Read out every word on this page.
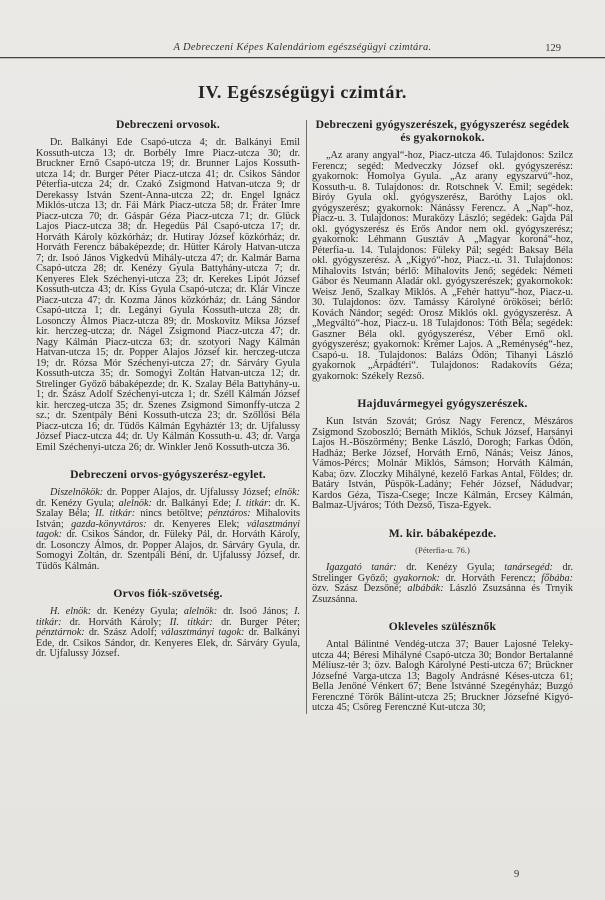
A Debreczeni Képes Kalendáriom egészségügyi czimtára.	129
IV. Egészségügyi czimtár.
Debreczeni orvosok.

Dr. Balkányi Ede Csapó-utcza 4; dr. Balkányi Emil Kossuth-utcza 13; dr. Borbély Imre Piacz-utcza 30; dr. Bruckner Ernő Csapó-utcza 19; dr. Brunner Lajos Kossuth-utcza 14; dr. Burger Péter Piacz-utcza 41; dr. Csikos Sándor Péterfia-utcza 24; dr. Czakó Zsigmond Hatvan-utcza 9; dr Derekassy István Szent-Anna-utcza 22; dr. Engel Ignácz Miklós-utcza 13; dr. Fái Márk Piacz-utcza 58; dr. Fráter Imre Piacz-utcza 70; dr. Gáspár Géza Piacz-utcza 71; dr. Glück Lajos Piacz-utcza 38; dr. Hegedüs Pál Csapó-utcza 17; dr. Horváth Károly közkórház; dr. Hutiray József közkórház; dr. Horváth Ferencz bábaképezde; dr. Hütter Károly Hatvan-utcza 7; dr. Isoó János Vigkedvü Mihály-utcza 47; dr. Kalmár Barna Csapó-utcza 28; dr. Kenézy Gyula Battyhány-utcza 7; dr. Kenyeres Elek Széchenyi-utcza 23; dr. Kerekes Lipót József Kossuth-utcza 43; dr. Kiss Gyula Csapó-utcza; dr. Klár Vincze Piacz-utcza 47; dr. Kozma János közkórház; dr. Láng Sándor Csapó-utcza 1; dr. Legányi Gyula Kossuth-utcza 28; dr. Losonczy Álmos Piacz-utcza 89; dr. Moskovitz Miksa József kir. herczeg-utcza; dr. Nágel Zsigmond Piacz-utcza 47; dr. Nagy Kálmán Piacz-utcza 63; dr. szotyori Nagy Kálmán Hatvan-utcza 15; dr. Popper Alajos József kir. herczeg-utcza 19; dr. Rózsa Mór Széchenyi-utcza 27; dr. Sárváry Gyula Kossuth-utcza 35; dr. Somogyi Zoltán Hatvan-utcza 12; dr. Strelinger Győző bábaképezde; dr. K. Szalay Béla Battyhány-u. 1; dr. Szász Adolf Széchenyi-utcza 1; dr. Széll Kálmán József kir. herczeg-utcza 35; dr. Szenes Zsigmond Simonffy-utcza 2 sz.; dr. Szentpály Béni Kossuth-utcza 23; dr. Szőllősi Béla Piacz-utcza 16; dr. Tüdős Kálmán Egyháztér 13; dr. Ujfalussy József Piacz-utcza 44; dr. Uy Kálmán Kossuth-u. 43; dr. Varga Emil Széchenyi-utcza 26; dr. Winkler Jenő Kossuth-utcza 36.

Debreczeni orvos-gyógyszerész-egylet.

Diszelnökök: dr. Popper Alajos, dr. Ujfalussy József; elnök: dr. Kenézy Gyula; alelnök: dr. Balkányi Ede; I. titkár: dr. K. Szalay Béla; II. titkár: nincs betöltve; pénztáros: Mihalovits István; gazda-könyvtáros: dr. Kenyeres Elek; választmányi tagok: dr. Csikos Sándor, dr. Füleky Pál, dr. Horváth Károly, dr. Losonczy Álmos, dr. Popper Alajos, dr. Sárváry Gyula, dr. Somogyi Zoltán, dr. Szentpáli Béni, dr. Ujfalussy József, dr. Tüdős Kálmán.

Orvos fiók-szövetség.

H. elnök: dr. Kenézy Gyula; alelnök: dr. Isoó János; I. titkár: dr. Horváth Károly; II. titkár: dr. Burger Péter; pénztárnok: dr. Szász Adolf; választmányi tagok: dr. Balkányi Ede, dr. Csikos Sándor, dr. Kenyeres Elek, dr. Sárváry Gyula, dr. Ujfalussy József.

Debreczeni gyógyszerészek, gyógyszerész segédek és gyakornokok.

„Az arany angyal“-hoz, Piacz-utcza 46. Tulajdonos: Szilcz Ferencz; segéd: Medveczky József okl. gyógyszerész: gyakornok: Homolya Gyula. „Az arany egyszarvú“-hoz, Kossuth-u. 8. Tulajdonos: dr. Rotschnek V. Emil; segédek: Biróy Gyula okl. gyógyszerész, Baróthy Lajos okl. gyógyszerész; gyakornok: Nánássy Ferencz. A „Nap“-hoz, Piacz-u. 3. Tulajdonos: Muraközy László; segédek: Gajda Pál okl. gyógyszerész és Erős Andor nem okl. gyógyszerész; gyakornok: Léhmann Gusztáv A „Magyar koroná“-hoz, Péterfia-u. 14. Tulajdonos: Füleky Pál; segéd: Baksay Béla okl. gyógyszerész. A „Kigyó“-hoz, Piacz.-u. 31. Tulajdonos: Mihalovits István; bérlő: Mihalovits Jenő; segédek: Németi Gábor és Neumann Aladár okl. gyógyszerészek; gyakornokok: Weisz Jenő, Szalkay Miklós. A „Fehér hattyu“-hoz, Piacz-u. 30. Tulajdonos: özv. Tamássy Károlyné örökösei; bérlő: Kovách Nándor; segéd: Orosz Miklós okl. gyógyszerész. A „Megváltó“-hoz, Piacz-u. 18 Tulajdonos: Tóth Béla; segédek: Gaszner Béla okl. gyógyszerész, Véber Ernő okl. gyógyszerész; gyakornok: Krémer Lajos. A „Reménység“-hez, Csapó-u. 18. Tulajdonos: Balázs Ödön; Tihanyi László gyakornok „Árpádtéri“. Tulajdonos: Radakovits Géza; gyakornok: Székely Rezső.

Hajduvármegyei gyógyszerészek.

Kun István Szovát; Grósz Nagy Ferencz, Mészáros Zsigmond Szoboszló; Bernáth Miklós, Schuk József, Harsányi Lajos H.-Böszörmény; Benke László, Dorogh; Farkas Ödön, Hadház; Berke József, Horváth Ernő, Nánás; Veisz János, Vámos-Pércs; Molnár Miklós, Sámson; Horváth Kálmán, Kaba; özv. Zloczky Mihályné, kezelő Farkas Antal, Földes; dr. Batáry István, Püspök-Ladány; Fehér József, Nádudvar; Kardos Géza, Tisza-Csege; Incze Kálmán, Ercsey Kálmán, Balmaz-Ujváros; Tóth Dezső, Tisza-Egyek.

M. kir. bábaképezde.
(Péterfia-u. 76.)

Igazgató tanár: dr. Kenézy Gyula; tanársegéd: dr. Strelinger Győző; gyakornok: dr. Horváth Ferencz; főbába: özv. Szász Dezsőné; albábák: László Zsuzsánna és Trnyik Zsuzsánna.

Okleveles szülésznők

Antal Bálintné Vendég-utcza 37; Bauer Lajosné Teleky-utcza 44; Béresi Mihályné Csapó-utcza 30; Bondor Bertalanné Méliusz-tér 3; özv. Balogh Károlyné Pesti-utcza 67; Brückner Józsefné Varga-utcza 13; Bagoly Andrásné Késes-utcza 61; Bella Jenőné Vénkert 67; Bene Istvánné Szegényház; Buzgó Ferenczné Török Bálint-utcza 25; Bruckner Józsefné Kigyó-utcza 45; Csőreg Ferenczné Kut-utcza 30;

9
